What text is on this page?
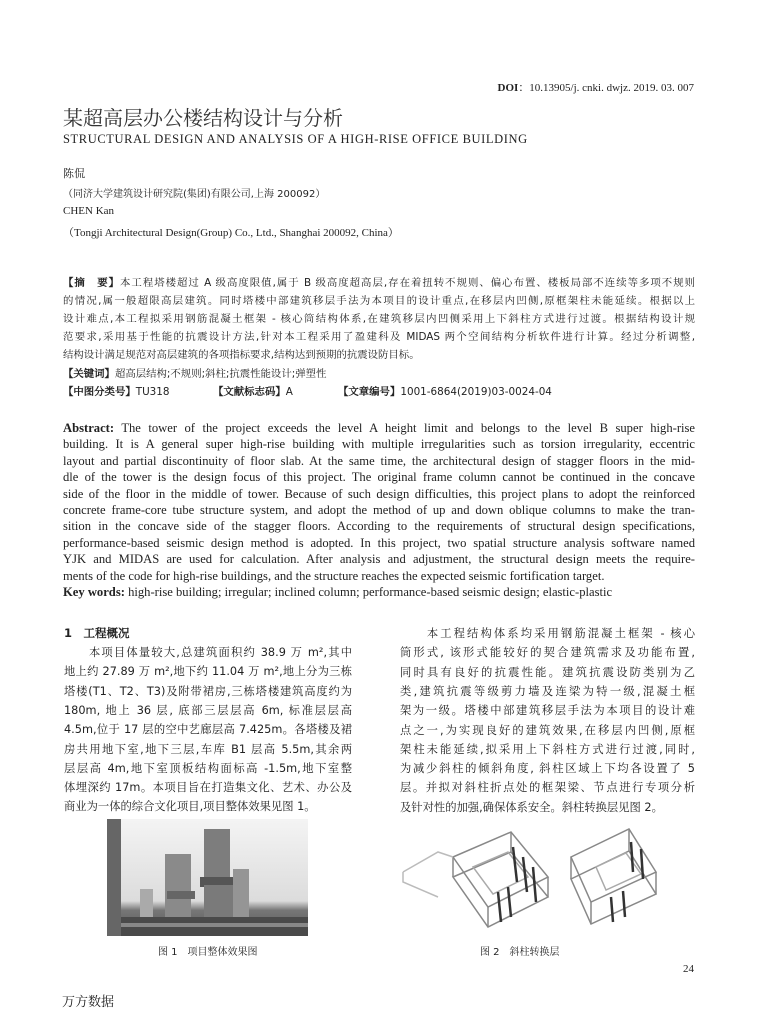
DOI：10.13905/j. cnki. dwjz. 2019. 03. 007
某超高层办公楼结构设计与分析
STRUCTURAL DESIGN AND ANALYSIS OF A HIGH-RISE OFFICE BUILDING
陈侃
（同济大学建筑设计研究院(集团)有限公司,上海 200092）
CHEN Kan
（Tongji Architectural Design(Group) Co., Ltd., Shanghai 200092, China）
【摘　要】本工程塔楼超过 A 级高度限值,属于 B 级高度超高层,存在着扭转不规则、偏心布置、楼板局部不连续等多项不规则
的情况,属一般超限高层建筑。同时塔楼中部建筑移层手法为本项目的设计重点,在移层内凹侧,原框架柱未能延续。根据以上
设计难点,本工程拟采用钢筋混凝土框架 - 核心筒结构体系,在建筑移层内凹侧采用上下斜柱方式进行过渡。根据结构设计规
范要求,采用基于性能的抗震设计方法,针对本工程采用了盈建科及 MIDAS 两个空间结构分析软件进行计算。经过分析调整,
结构设计满足规范对高层建筑的各项指标要求,结构达到预期的抗震设防目标。
【关键词】超高层结构;不规则;斜柱;抗震性能设计;弹塑性
【中图分类号】TU318	【文献标志码】A	【文章编号】1001-6864(2019)03-0024-04
Abstract: The tower of the project exceeds the level A height limit and belongs to the level B super high-rise
building. It is A general super high-rise building with multiple irregularities such as torsion irregularity, eccentric
layout and partial discontinuity of floor slab. At the same time, the architectural design of stagger floors in the mid-
dle of the tower is the design focus of this project. The original frame column cannot be continued in the concave
side of the floor in the middle of tower. Because of such design difficulties, this project plans to adopt the reinforced
concrete frame-core tube structure system, and adopt the method of up and down oblique columns to make the tran-
sition in the concave side of the stagger floors. According to the requirements of structural design specifications,
performance-based seismic design method is adopted. In this project, two spatial structure analysis software named
YJK and MIDAS are used for calculation. After analysis and adjustment, the structural design meets the require-
ments of the code for high-rise buildings, and the structure reaches the expected seismic fortification target.
Key words: high-rise building; irregular; inclined column; performance-based seismic design; elastic-plastic
1　工程概况
　　本项目体量较大,总建筑面积约 38.9 万 m²,其中
地上约 27.89 万 m²,地下约 11.04 万 m²,地上分为三栋
塔楼(T1、T2、T3)及附带裙房,三栋塔楼建筑高度约为
180m, 地上 36 层, 底部三层层高 6m, 标准层层高
4.5m,位于 17 层的空中艺廊层高 7.425m。各塔楼及裙
房共用地下室,地下三层,车库 B1 层高 5.5m,其余两
层层高 4m,地下室顶板结构面标高 -1.5m,地下室整
体埋深约 17m。本项目旨在打造集文化、艺术、办公及
商业为一体的综合文化项目,项目整体效果见图 1。
　　本工程结构体系均采用钢筋混凝土框架 - 核心
筒形式, 该形式能较好的契合建筑需求及功能布置,
同时具有良好的抗震性能。建筑抗震设防类别为乙
类,建筑抗震等级剪力墙及连梁为特一级,混凝土框
架为一级。塔楼中部建筑移层手法为本项目的设计难
点之一,为实现良好的建筑效果,在移层内凹侧,原框
架柱未能延续,拟采用上下斜柱方式进行过渡,同时,
为减少斜柱的倾斜角度, 斜柱区域上下均各设置了 5
层。并拟对斜柱折点处的框架梁、节点进行专项分析
及针对性的加强,确保体系安全。斜柱转换层见图 2。
图 1　项目整体效果图	图 2　斜柱转换层
24
万方数据
